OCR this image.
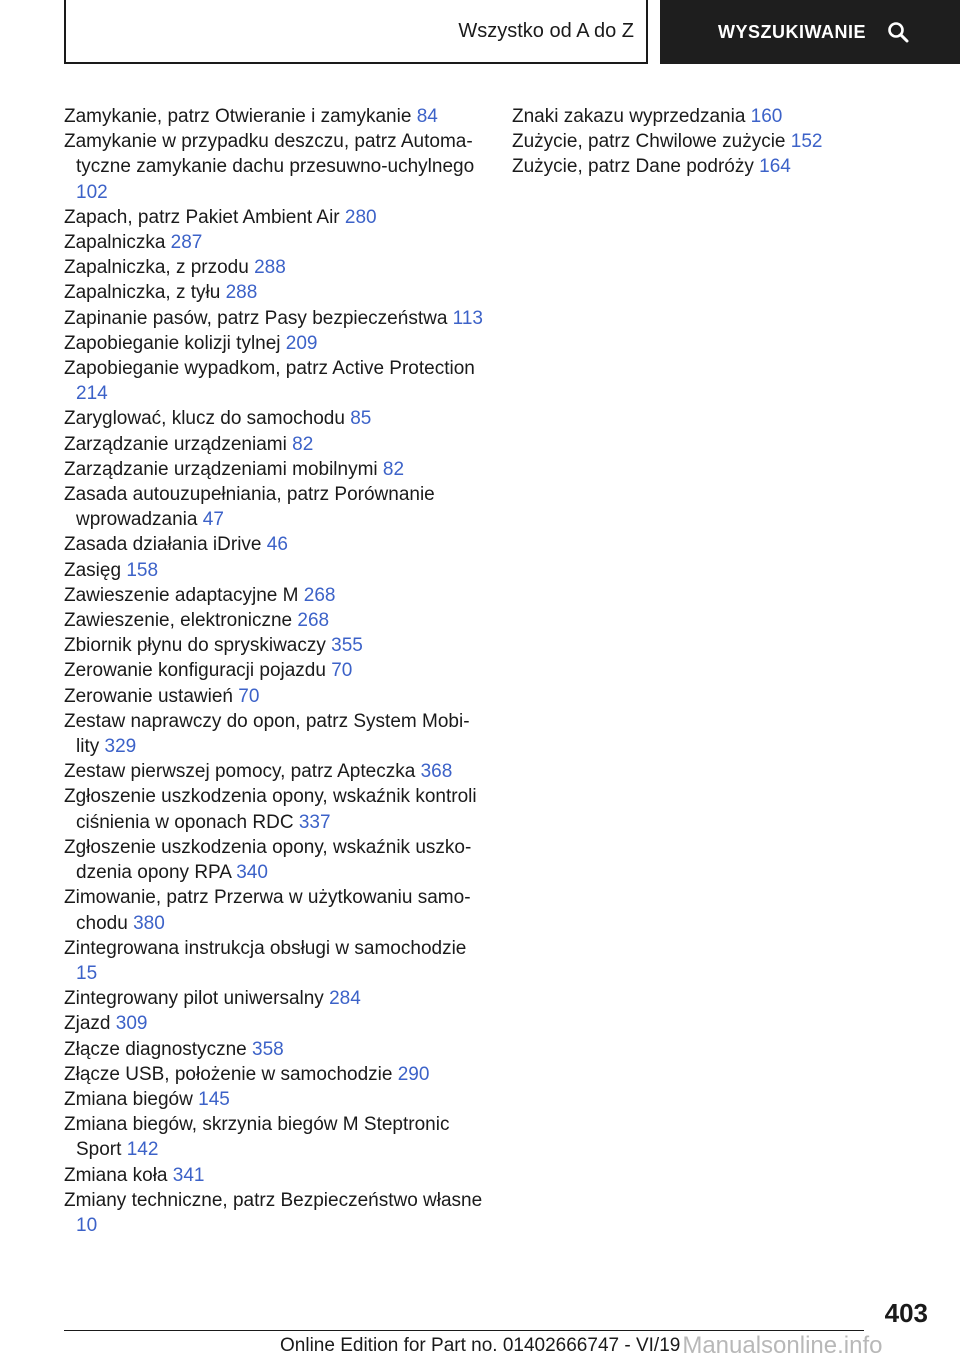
Wszystko od A do Z	WYSZUKIWANIE
Zamykanie, patrz Otwieranie i zamykanie 84
Zamykanie w przypadku deszczu, patrz Automatyczne zamykanie dachu przesuwno-uchylnego 102
Zapach, patrz Pakiet Ambient Air 280
Zapalniczka 287
Zapalniczka, z przodu 288
Zapalniczka, z tyłu 288
Zapinanie pasów, patrz Pasy bezpieczeństwa 113
Zapobieganie kolizji tylnej 209
Zapobieganie wypadkom, patrz Active Protection 214
Zaryglować, klucz do samochodu 85
Zarządzanie urządzeniami 82
Zarządzanie urządzeniami mobilnymi 82
Zasada autouzupełniania, patrz Porównanie wprowadzania 47
Zasada działania iDrive 46
Zasięg 158
Zawieszenie adaptacyjne M 268
Zawieszenie, elektroniczne 268
Zbiornik płynu do spryskiwaczy 355
Zerowanie konfiguracji pojazdu 70
Zerowanie ustawień 70
Zestaw naprawczy do opon, patrz System Mobility 329
Zestaw pierwszej pomocy, patrz Apteczka 368
Zgłoszenie uszkodzenia opony, wskaźnik kontroli ciśnienia w oponach RDC 337
Zgłoszenie uszkodzenia opony, wskaźnik uszkodzenia opony RPA 340
Zimowanie, patrz Przerwa w użytkowaniu samochodu 380
Zintegrowana instrukcja obsługi w samochodzie 15
Zintegrowany pilot uniwersalny 284
Zjazd 309
Złącze diagnostyczne 358
Złącze USB, położenie w samochodzie 290
Zmiana biegów 145
Zmiana biegów, skrzynia biegów M Steptronic Sport 142
Zmiana koła 341
Zmiany techniczne, patrz Bezpieczeństwo własne 10
Znaki zakazu wyprzedzania 160
Zużycie, patrz Chwilowe zużycie 152
Zużycie, patrz Dane podróży 164
403
Online Edition for Part no. 01402666747 - VI/19 Manualsonline.info
